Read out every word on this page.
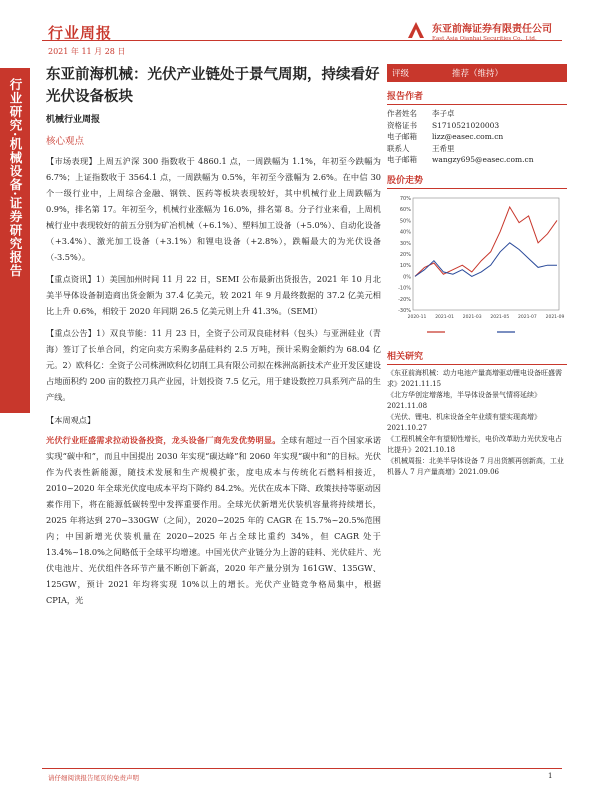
行业周报
2021 年 11 月 28 日
东亚前海证券有限责任公司
East Asia Qianhai Securities Co., Ltd.
行业研究·机械设备·证券研究报告
东亚前海机械：光伏产业链处于景气周期，持续看好光伏设备板块
机械行业周报
核心观点

【市场表现】上周五沪深 300 指数收于 4860.1 点，一周跌幅为 1.1%，年初至今跌幅为 6.7%；上证指数收于 3564.1 点，一周跌幅为 0.5%，年初至今涨幅为 2.6%。在中信 30 个一级行业中，上周综合金融、钢铁、医药等板块表现较好，其中机械行业上周跌幅为 0.9%，排名第 17。年初至今，机械行业涨幅为 16.0%，排名第 8。分子行业来看，上周机械行业中表现较好的前五分别为矿冶机械（+6.1%）、塑料加工设备（+5.0%）、自动化设备（+3.4%）、激光加工设备（+3.1%）和锂电设备（+2.8%），跌幅最大的为光伏设备（-3.5%）。

【重点资讯】1）美国加州时间 11 月 22 日，SEMI 公布最新出货报告，2021 年 10 月北美半导体设备制造商出货金额为 37.4 亿美元，较 2021 年 9 月最终数据的 37.2 亿美元相比上升 0.6%，相较于 2020 年同期 26.5 亿美元则上升 41.3%。（SEMI）

【重点公告】1）双良节能：11 月 23 日，全资子公司双良硅材料（包头）与亚洲硅业（青海）签订了长单合同，约定向卖方采购多晶硅料约 2.5 万吨，预计采购金额约为 68.04 亿元。2）欧科亿：全资子公司株洲欧科亿切削工具有限公司拟在株洲高新技术产业开发区建设占地面积约 200 亩的数控刀具产业园，计划投资 7.5 亿元，用于建设数控刀具系列产品的生产线。

【本周观点】

光伏行业旺盛需求拉动设备投资，龙头设备厂商先发优势明显。全球有超过一百个国家承诺实现“碳中和”，而且中国提出 2030 年实现“碳达峰”和 2060 年实现“碳中和”的目标。光伏作为代表性新能源，随技术发展和生产规模扩张，度电成本与传统化石燃料相接近，2010~2020 年全球光伏度电成本平均下降约 84.2%。光伏在成本下降、政策扶持等驱动因素作用下，将在能源低碳转型中发挥重要作用。全球光伏新增光伏装机容量将持续增长，2025 年将达到 270~330GW（之间），2020~2025 年的 CAGR 在 15.7%~20.5%范围内；中国新增光伏装机量在 2020~2025 年占全球比重约 34%，但 CAGR 处于 13.4%~18.0%之间略低于全球平均增速。中国光伏产业链分为上游的硅料、光伏硅片、光伏电池片、光伏组件各环节产量不断创下新高，2020 年产量分别为 161GW、135GW、125GW，预计 2021 年均将实现 10%以上的增长。光伏产业链竞争格局集中，根据 CPIA，光

评级	推荐（维持）
报告作者
作者姓名	李子卓
资格证书	S1710521020003
电子邮箱	lizz@easec.com.cn
联系人	王希里
电子邮箱	wangzy695@easec.com.cn
股价走势
-30%
-20%
-10%
0%
10%
20%
30%
40%
50%
60%
70%
2020-11 2021-01 2021-03 2021-05 2021-07 2021-09
相关研究
《东亚前海机械：动力电池产量高增驱动锂电设备旺盛需求》2021.11.15
《北方华创定增落地，半导体设备景气情将延续》2021.11.08
《光伏、锂电、机床设备全年业绩有望实现高增》2021.10.27
《工程机械全年有望韧性增长，电价改革助力光伏发电占比提升》2021.10.18
《机械周报：北美半导体设备 7 月出货额再创新高，工业机器人 7 月产量高增》2021.09.06
请仔细阅读报告尾页的免责声明	1
